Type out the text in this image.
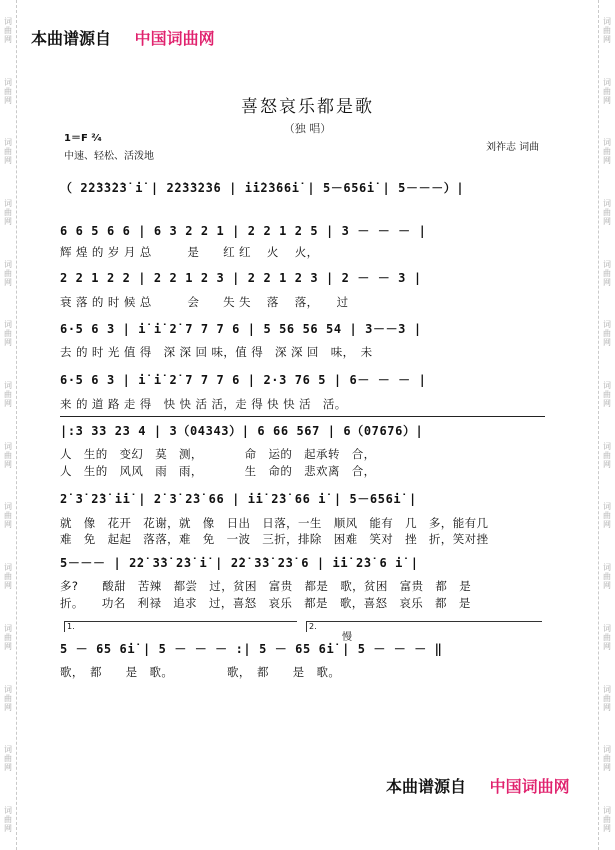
词曲网
词曲网
词曲网
词曲网
词曲网
词曲网
词曲网
词曲网
词曲网
词曲网
词曲网
词曲网
词曲网
词曲网
词曲网
词曲网
词曲网
词曲网
词曲网
词曲网
词曲网
词曲网
词曲网
词曲网
词曲网
词曲网
词曲网
词曲网
本曲谱源自 中国词曲网
本曲谱源自 中国词曲网
喜怒哀乐都是歌
（独 唱）
1＝F ²⁄₄
中速、轻松、活泼地
刘祚志 词曲
（ 2̇2̇3̇3̇2̇3̇ i̇ | 2̇2̇3̇3̇2̇3̇6 | i̇i̇2̇3̇66i̇ | 5－656i̇ | 5－－－）|
6 6 5 6 6 | 6 3 2 2 1 | 2 2 1 2 5 | 3 － － － |
辉 煌 的 岁 月 总　　　是　　红 红　 火　 火，
2 2 1 2 2 | 2 2 1 2 3 | 2 2 1 2 3 | 2 － － 3 |
衰 落 的 时 候 总　　　会　　失 失　 落　 落，　　过
6·5 6 3 | i̇ i̇ 2̇ 7 7 7 6 | 5 56 56 54 | 3－－3 |
去 的 时 光 值 得　深 深 回 味，值 得　深 深 回　味，　未
6·5 6 3 | i̇ i̇ 2̇ 7 7 7 6 | 2·3 76 5 | 6－ － － |
来 的 道 路 走 得　快 快 活 活，走 得 快 快 活　活。
|:3 33 23 4 | 3（04343）| 6 66 567 | 6（07676）|
人　生的　变幻　莫　测，　　　　命　运的　起承转　合，
人　生的　风风　雨　雨，　　　　生　命的　悲欢离　合，
2̇ 3̇ 2̇3̇ i̇i̇ | 2̇ 3̇ 2̇3̇ 66 | i̇i̇ 2̇3̇ 66 i̇ | 5－656i̇ |
就　像　花开　花谢，就　像　日出　日落，一生　顺风　能有　几　多，能有几
难　免　起起　落落，难　免　一波　三折，排除　困难　笑对　挫　折，笑对挫
5－－－ | 2̇2̇ 3̇3̇ 2̇3̇ i̇ | 2̇2̇ 3̇3̇ 2̇3̇ 6 | i̇i̇ 2̇3̇ 6 i̇ |
多?　　酸甜　苦辣　都尝　过，贫困　富贵　都是　歌，贫困　富贵　都　是
折。　　功名　利禄　追求　过，喜怒　哀乐　都是　歌，喜怒　哀乐　都　是
1.	2.
慢
5 － 65 6i̇ | 5 － － － :| 5 － 65 6i̇ | 5 － － － ‖
歌，　都　　是　歌。　　　　　歌，　都　　是　歌。
